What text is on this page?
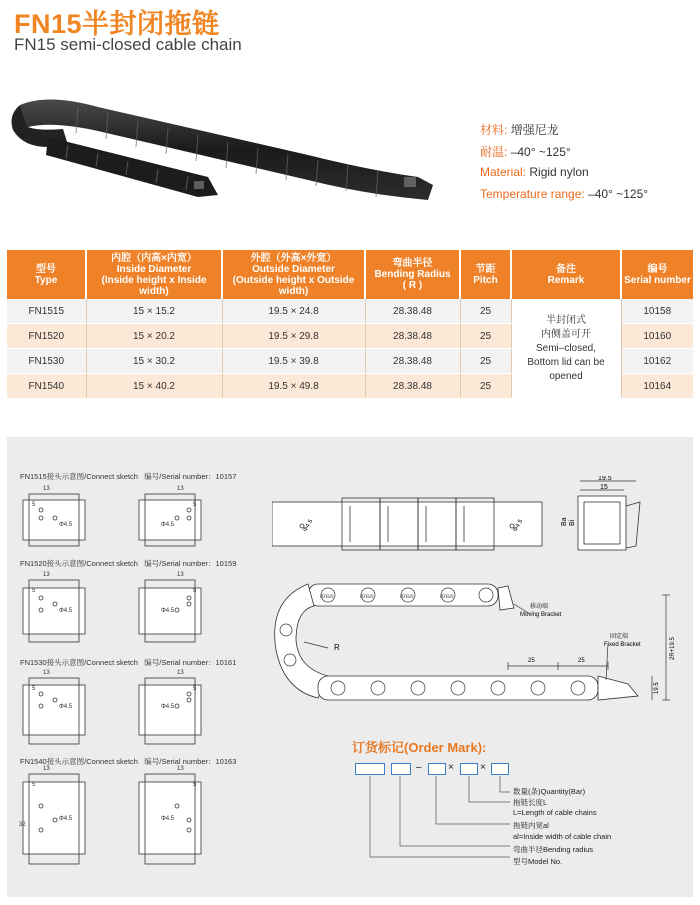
FN15半封闭拖链
FN15 semi-closed cable chain
材料: 增强尼龙
耐温: –40° ~125°
Material: Rigid nylon
Temperature range: –40° ~125°
型号
Type	内腔（内高×内宽）
Inside Diameter
(Inside height x Inside width)	外腔（外高×外宽）
Outside Diameter
(Outside height x Outside width)	弯曲半径
Bending Radius
( R )	节距
Pitch	备注
Remark	编号
Serial number
FN1515	15 × 15.2	19.5 × 24.8	28.38.48	25	半封闭式
内侧盖可开
Semi–closed,
Bottom lid can be
opened	10158
FN1520	15 × 20.2	19.5 × 29.8	28.38.48	25		10160
FN1530	15 × 30.2	19.5 × 39.8	28.38.48	25		10162
FN1540	15 × 40.2	19.5 × 49.8	28.38.48	25		10164
FN1515接头示意图/Connect sketch 编号/Serial number：10157
FN1520接头示意图/Connect sketch 编号/Serial number：10159
FN1530接头示意图/Connect sketch 编号/Serial number：10161
FN1540接头示意图/Connect sketch 编号/Serial number：10163
13
5
Φ4.5
13
5
Φ4.5
13
5
Φ4.5
13
5
Φ4.5
13
5
Φ4.5
13
5
Φ4.5
13
5
Φ4.5
32
13
5
Φ4.5
Φ4.5	Φ4.5
19.5
15
Ba Bi
Krius	Krius	Krius	Krius
R
移动端
Moving Bracket
固定端
Fixed Bracket
25	25
2R+19.5
19.5
订货标记(Order Mark):
–	×	×
数量(条)Quantity(Bar)
拖链长度L
L=Length of cable chains
拖链内宽al
al=Inside width of cable chain
弯曲半径Bending radius
型号Model No.
